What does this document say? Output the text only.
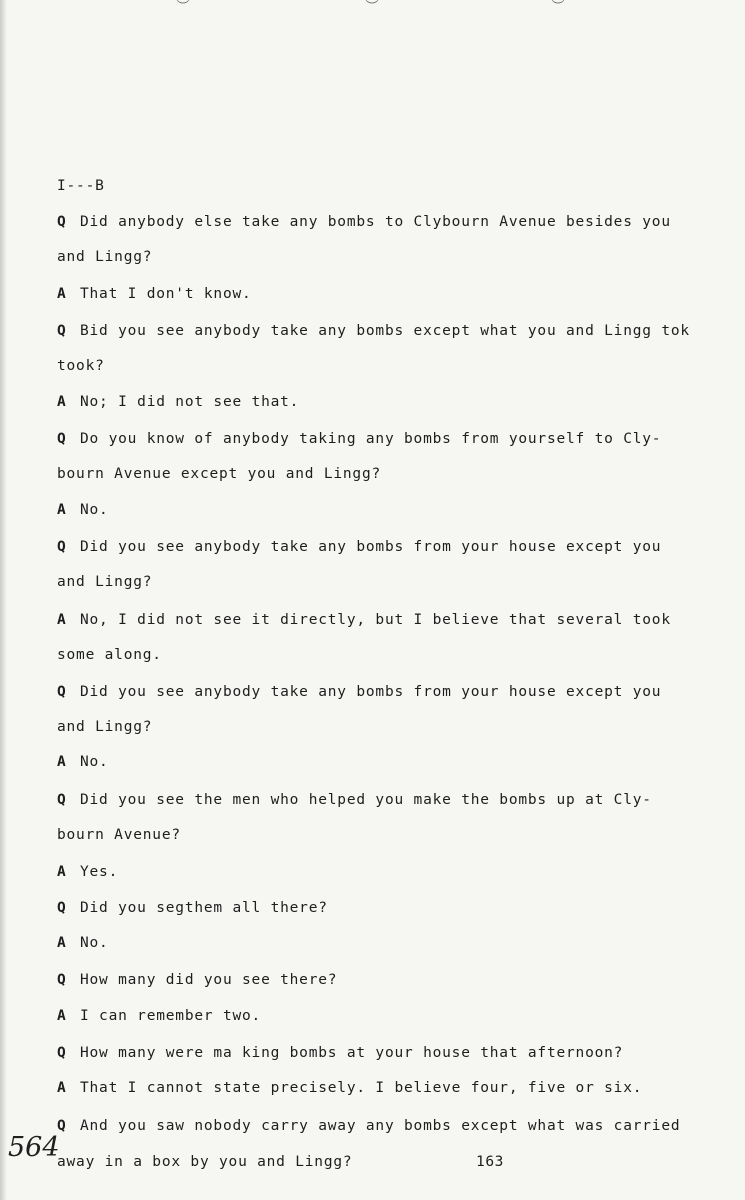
︶	︶	︶
I---B
Q Did anybody else take any bombs to Clybourn Avenue besides you
and Lingg?
A That I don't know.
Q Bid you see anybody take any bombs except what you and Lingg tok
took?
A No; I did not see that.
Q Do you know of anybody taking any bombs from yourself to Cly-
bourn Avenue except you and Lingg?
A No.
Q Did you see anybody take any bombs from your house except you
and Lingg?
A No, I did not see it directly, but I believe that several took
some along.
Q Did you see anybody take any bombs from your house except you
and Lingg?
A No.
Q Did you see the men who helped you make the bombs up at Cly-
bourn Avenue?
A Yes.
Q Did you segthem all there?
A No.
Q How many did you see there?
A I can remember two.
Q How many were ma king bombs at your house that afternoon?
A That I cannot state precisely. I believe four, five or six.
Q And you saw nobody carry away any bombs except what was carried
away in a box by you and Lingg?
564	163
